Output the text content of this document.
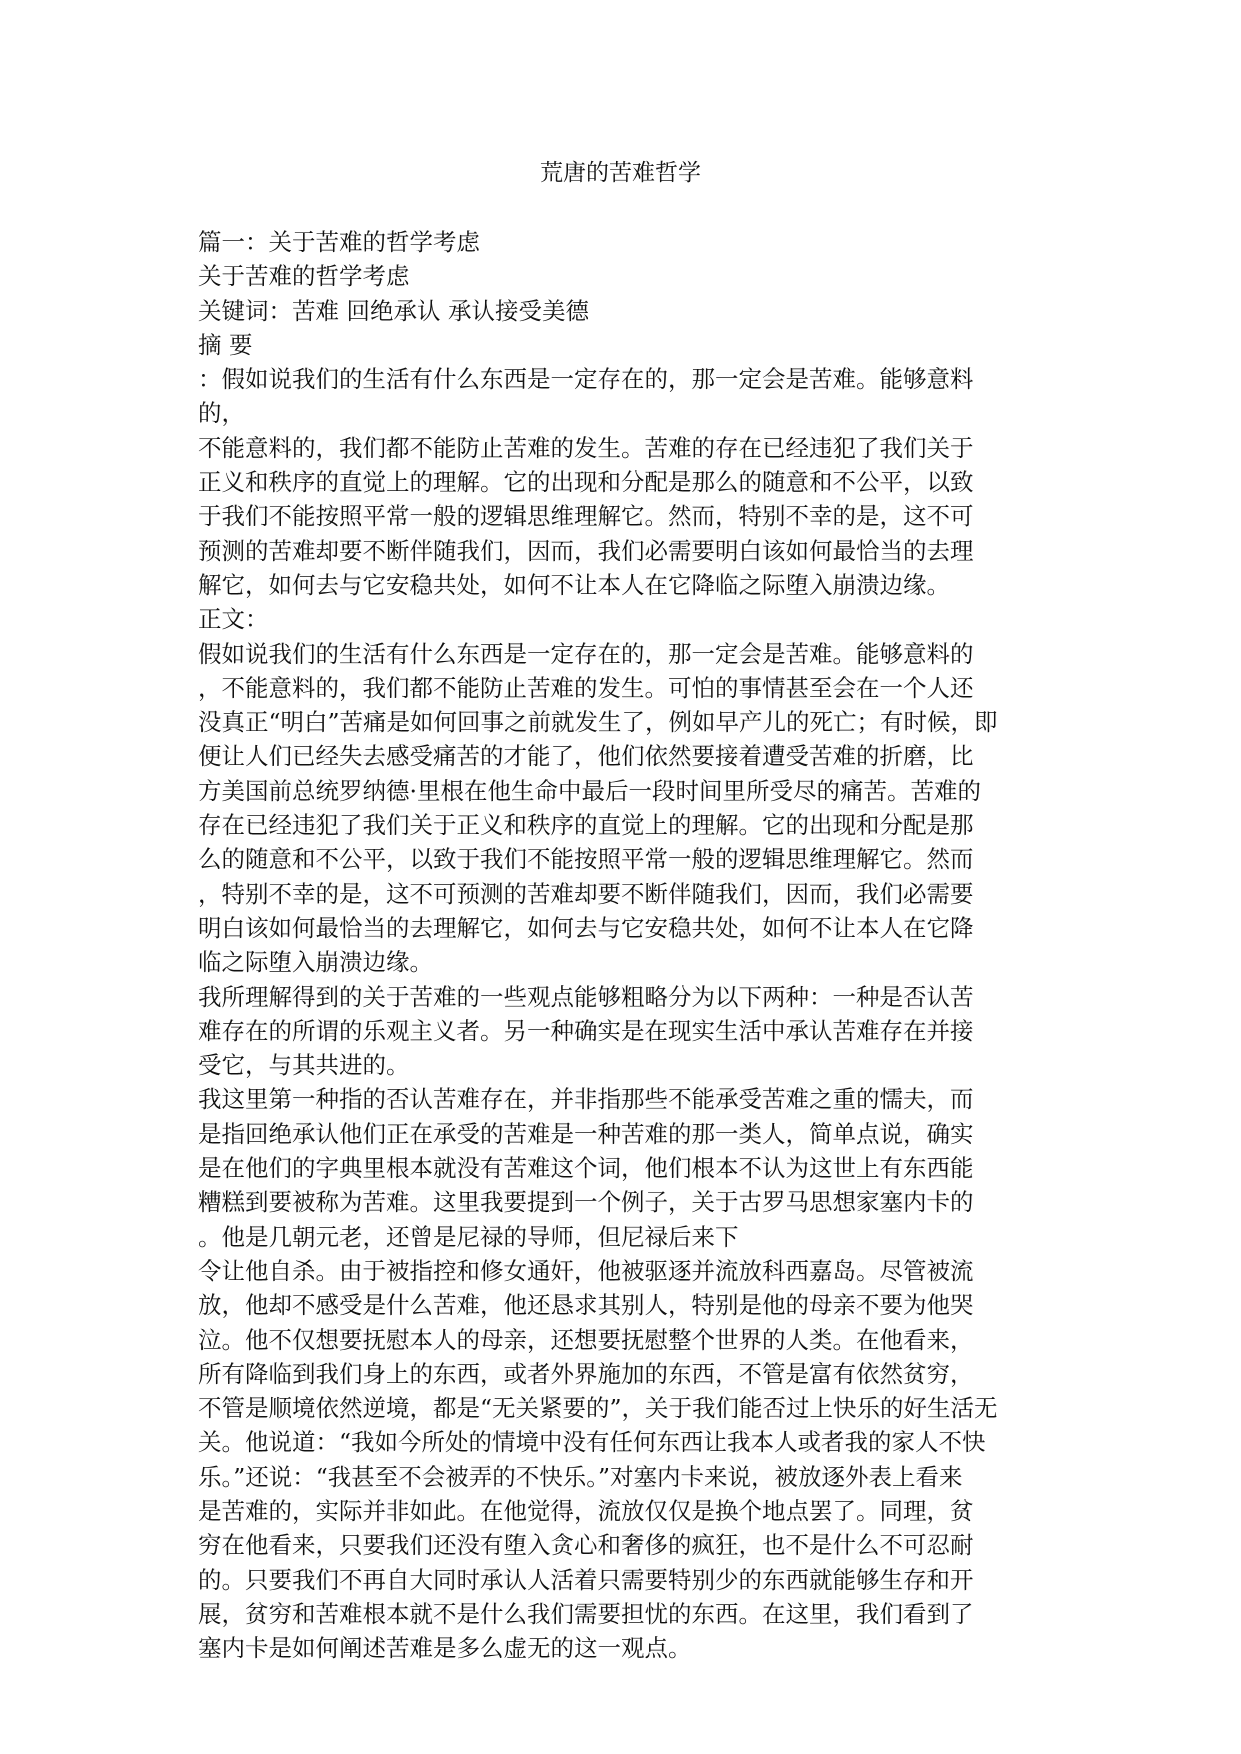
荒唐的苦难哲学

篇一：关于苦难的哲学考虑

关于苦难的哲学考虑

关键词：苦难 回绝承认 承认接受美德

摘 要

：假如说我们的生活有什么东西是一定存在的，那一定会是苦难。能够意料

的，

不能意料的，我们都不能防止苦难的发生。苦难的存在已经违犯了我们关于

正义和秩序的直觉上的理解。它的出现和分配是那么的随意和不公平，以致

于我们不能按照平常一般的逻辑思维理解它。然而，特别不幸的是，这不可

预测的苦难却要不断伴随我们，因而，我们必需要明白该如何最恰当的去理

解它，如何去与它安稳共处，如何不让本人在它降临之际堕入崩溃边缘。

正文：

假如说我们的生活有什么东西是一定存在的，那一定会是苦难。能够意料的

，不能意料的，我们都不能防止苦难的发生。可怕的事情甚至会在一个人还

没真正“明白”苦痛是如何回事之前就发生了，例如早产儿的死亡；有时候，即

便让人们已经失去感受痛苦的才能了，他们依然要接着遭受苦难的折磨，比

方美国前总统罗纳德·里根在他生命中最后一段时间里所受尽的痛苦。苦难的

存在已经违犯了我们关于正义和秩序的直觉上的理解。它的出现和分配是那

么的随意和不公平，以致于我们不能按照平常一般的逻辑思维理解它。然而

，特别不幸的是，这不可预测的苦难却要不断伴随我们，因而，我们必需要

明白该如何最恰当的去理解它，如何去与它安稳共处，如何不让本人在它降

临之际堕入崩溃边缘。

我所理解得到的关于苦难的一些观点能够粗略分为以下两种：一种是否认苦

难存在的所谓的乐观主义者。另一种确实是在现实生活中承认苦难存在并接

受它，与其共进的。

我这里第一种指的否认苦难存在，并非指那些不能承受苦难之重的懦夫，而

是指回绝承认他们正在承受的苦难是一种苦难的那一类人，简单点说，确实

是在他们的字典里根本就没有苦难这个词，他们根本不认为这世上有东西能

糟糕到要被称为苦难。这里我要提到一个例子，关于古罗马思想家塞内卡的

。他是几朝元老，还曾是尼禄的导师，但尼禄后来下

令让他自杀。由于被指控和修女通奸，他被驱逐并流放科西嘉岛。尽管被流

放，他却不感受是什么苦难，他还恳求其别人，特别是他的母亲不要为他哭

泣。他不仅想要抚慰本人的母亲，还想要抚慰整个世界的人类。在他看来，

所有降临到我们身上的东西，或者外界施加的东西，不管是富有依然贫穷，

不管是顺境依然逆境，都是“无关紧要的”，关于我们能否过上快乐的好生活无

关。他说道：“我如今所处的情境中没有任何东西让我本人或者我的家人不快

乐。”还说：“我甚至不会被弄的不快乐。”对塞内卡来说，被放逐外表上看来

是苦难的，实际并非如此。在他觉得，流放仅仅是换个地点罢了。同理，贫

穷在他看来，只要我们还没有堕入贪心和奢侈的疯狂，也不是什么不可忍耐

的。只要我们不再自大同时承认人活着只需要特别少的东西就能够生存和开

展，贫穷和苦难根本就不是什么我们需要担忧的东西。在这里，我们看到了

塞内卡是如何阐述苦难是多么虚无的这一观点。
